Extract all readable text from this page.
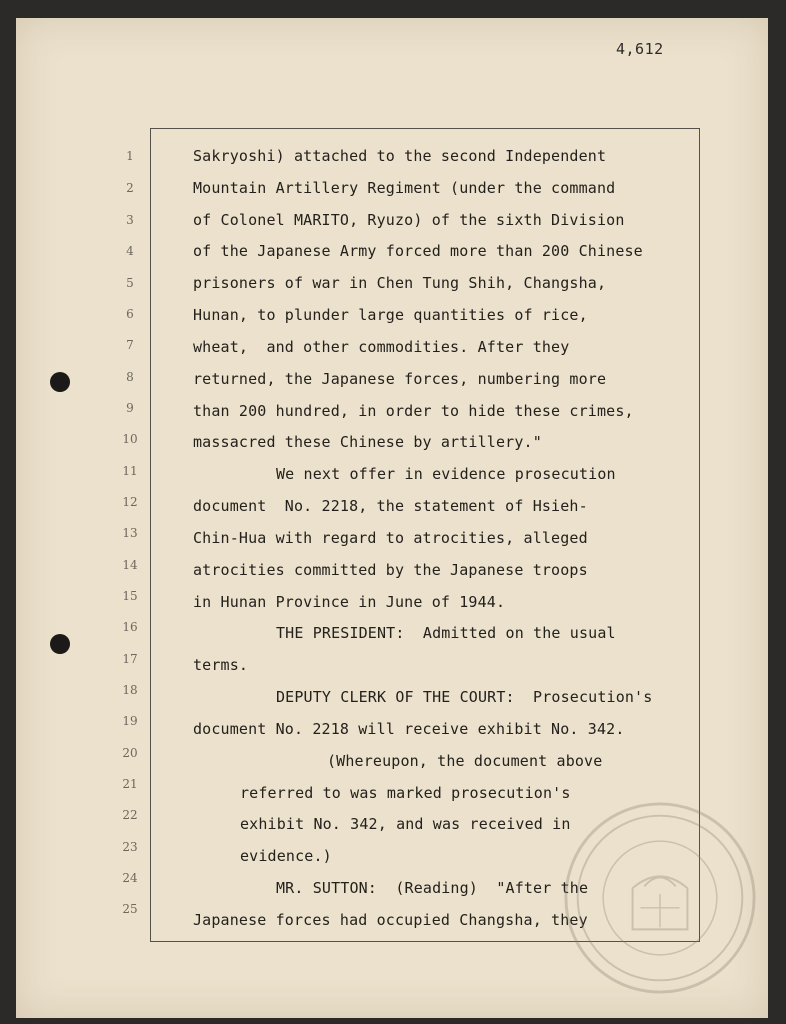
4,612
1
2
3
4
5
6
7
8
9
10
11
12
13
14
15
16
17
18
19
20
21
22
23
24
25
Sakryoshi) attached to the second Independent
Mountain Artillery Regiment (under the command
of Colonel MARITO, Ryuzo) of the sixth Division
of the Japanese Army forced more than 200 Chinese
prisoners of war in Chen Tung Shih, Changsha,
Hunan, to plunder large quantities of rice,
wheat,  and other commodities. After they
returned, the Japanese forces, numbering more
than 200 hundred, in order to hide these crimes,
massacred these Chinese by artillery."
We next offer in evidence prosecution
document  No. 2218, the statement of Hsieh-
Chin-Hua with regard to atrocities, alleged
atrocities committed by the Japanese troops
in Hunan Province in June of 1944.
THE PRESIDENT:  Admitted on the usual
terms.
DEPUTY CLERK OF THE COURT:  Prosecution's
document No. 2218 will receive exhibit No. 342.
(Whereupon, the document above
referred to was marked prosecution's
exhibit No. 342, and was received in
evidence.)
MR. SUTTON:  (Reading)  "After the
Japanese forces had occupied Changsha, they
